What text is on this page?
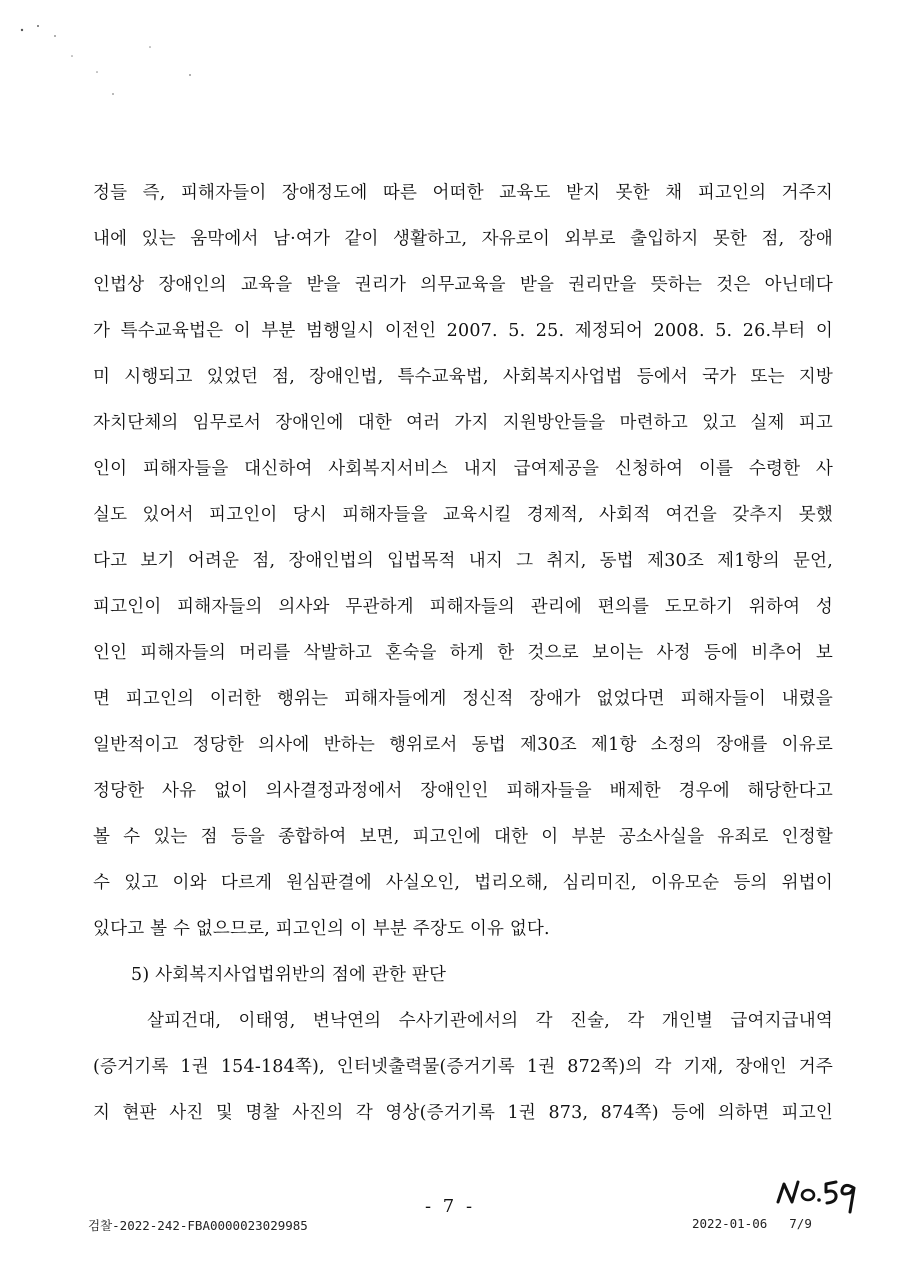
정들 즉, 피해자들이 장애정도에 따른 어떠한 교육도 받지 못한 채 피고인의 거주지
내에 있는 움막에서 남·여가 같이 생활하고, 자유로이 외부로 출입하지 못한 점, 장애
인법상 장애인의 교육을 받을 권리가 의무교육을 받을 권리만을 뜻하는 것은 아닌데다
가 특수교육법은 이 부분 범행일시 이전인 2007. 5. 25. 제정되어 2008. 5. 26.부터 이
미 시행되고 있었던 점, 장애인법, 특수교육법, 사회복지사업법 등에서 국가 또는 지방
자치단체의 임무로서 장애인에 대한 여러 가지 지원방안들을 마련하고 있고 실제 피고
인이 피해자들을 대신하여 사회복지서비스 내지 급여제공을 신청하여 이를 수령한 사
실도 있어서 피고인이 당시 피해자들을 교육시킬 경제적, 사회적 여건을 갖추지 못했
다고 보기 어려운 점, 장애인법의 입법목적 내지 그 취지, 동법 제30조 제1항의 문언,
피고인이 피해자들의 의사와 무관하게 피해자들의 관리에 편의를 도모하기 위하여 성
인인 피해자들의 머리를 삭발하고 혼숙을 하게 한 것으로 보이는 사정 등에 비추어 보
면 피고인의 이러한 행위는 피해자들에게 정신적 장애가 없었다면 피해자들이 내렸을
일반적이고 정당한 의사에 반하는 행위로서 동법 제30조 제1항 소정의 장애를 이유로
정당한 사유 없이 의사결정과정에서 장애인인 피해자들을 배제한 경우에 해당한다고
볼 수 있는 점 등을 종합하여 보면, 피고인에 대한 이 부분 공소사실을 유죄로 인정할
수 있고 이와 다르게 원심판결에 사실오인, 법리오해, 심리미진, 이유모순 등의 위법이
있다고 볼 수 없으므로, 피고인의 이 부분 주장도 이유 없다.
5) 사회복지사업법위반의 점에 관한 판단
살피건대, 이태영, 변낙연의 수사기관에서의 각 진술, 각 개인별 급여지급내역
(증거기록 1권 154-184쪽), 인터넷출력물(증거기록 1권 872쪽)의 각 기재, 장애인 거주
지 현판 사진 및 명찰 사진의 각 영상(증거기록 1권 873, 874쪽) 등에 의하면 피고인
- 7 -
검찰-2022-242-FBA0000023029985	2022-01-06 7/9
